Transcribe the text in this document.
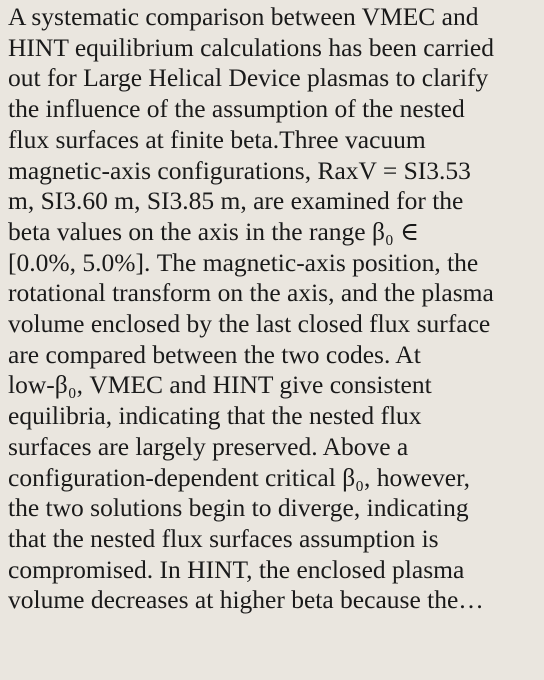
A systematic comparison between VMEC and
HINT equilibrium calculations has been carried
out for Large Helical Device plasmas to clarify
the influence of the assumption of the nested
flux surfaces at finite beta.Three vacuum
magnetic-axis configurations, RaxV = SI3.53
m, SI3.60 m, SI3.85 m, are examined for the
beta values on the axis in the range β₀ ∈
[0.0%, 5.0%]. The magnetic-axis position, the
rotational transform on the axis, and the plasma
volume enclosed by the last closed flux surface
are compared between the two codes. At
low-β₀, VMEC and HINT give consistent
equilibria, indicating that the nested flux
surfaces are largely preserved. Above a
configuration-dependent critical β₀, however,
the two solutions begin to diverge, indicating
that the nested flux surfaces assumption is
compromised. In HINT, the enclosed plasma
volume decreases at higher beta because the…
